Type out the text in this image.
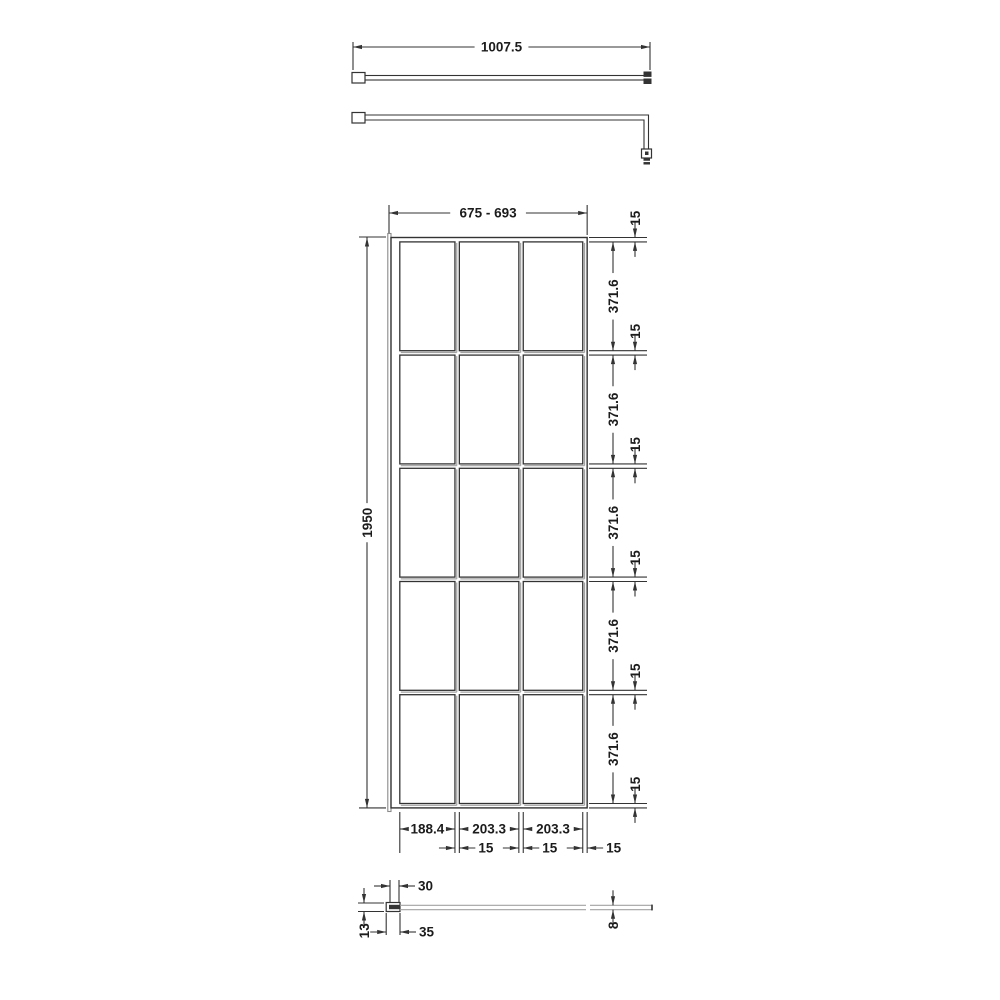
1007.5
675 - 693
1950
15
15
15
15
15
15
371.6
371.6
371.6
371.6
371.6
188.4 203.3 203.3
15	15	15
30
35
13	8
